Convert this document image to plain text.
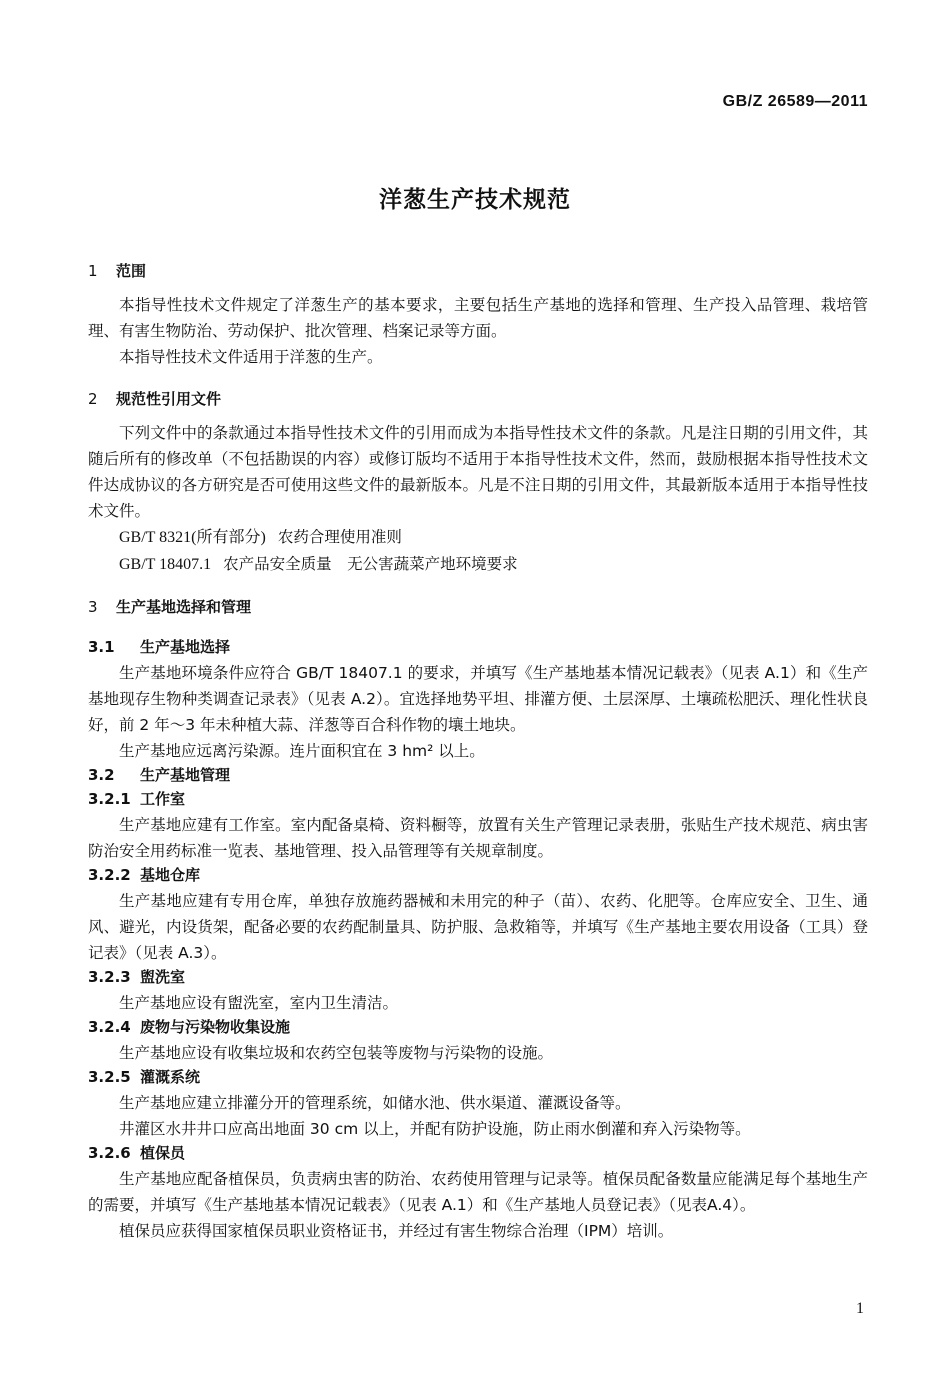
GB/Z 26589—2011
洋葱生产技术规范
1 范围

本指导性技术文件规定了洋葱生产的基本要求，主要包括生产基地的选择和管理、生产投入品管理、栽培管理、有害生物防治、劳动保护、批次管理、档案记录等方面。

本指导性技术文件适用于洋葱的生产。

2 规范性引用文件

下列文件中的条款通过本指导性技术文件的引用而成为本指导性技术文件的条款。凡是注日期的引用文件，其随后所有的修改单（不包括勘误的内容）或修订版均不适用于本指导性技术文件，然而，鼓励根据本指导性技术文件达成协议的各方研究是否可使用这些文件的最新版本。凡是不注日期的引用文件，其最新版本适用于本指导性技术文件。

GB/T 8321(所有部分) 农药合理使用准则
GB/T 18407.1 农产品安全质量　无公害蔬菜产地环境要求
3 生产基地选择和管理
3.1 生产基地选择

生产基地环境条件应符合 GB/T 18407.1 的要求，并填写《生产基地基本情况记载表》（见表 A.1）和《生产基地现存生物种类调查记录表》（见表 A.2）。宜选择地势平坦、排灌方便、土层深厚、土壤疏松肥沃、理化性状良好，前 2 年～3 年未种植大蒜、洋葱等百合科作物的壤土地块。

生产基地应远离污染源。连片面积宜在 3 hm² 以上。

3.2 生产基地管理
3.2.1 工作室

生产基地应建有工作室。室内配备桌椅、资料橱等，放置有关生产管理记录表册，张贴生产技术规范、病虫害防治安全用药标准一览表、基地管理、投入品管理等有关规章制度。

3.2.2 基地仓库

生产基地应建有专用仓库，单独存放施药器械和未用完的种子（苗）、农药、化肥等。仓库应安全、卫生、通风、避光，内设货架，配备必要的农药配制量具、防护服、急救箱等，并填写《生产基地主要农用设备（工具）登记表》（见表 A.3）。

3.2.3 盥洗室

生产基地应设有盥洗室，室内卫生清洁。

3.2.4 废物与污染物收集设施

生产基地应设有收集垃圾和农药空包装等废物与污染物的设施。

3.2.5 灌溉系统

生产基地应建立排灌分开的管理系统，如储水池、供水渠道、灌溉设备等。

井灌区水井井口应高出地面 30 cm 以上，并配有防护设施，防止雨水倒灌和弃入污染物等。

3.2.6 植保员

生产基地应配备植保员，负责病虫害的防治、农药使用管理与记录等。植保员配备数量应能满足每个基地生产的需要，并填写《生产基地基本情况记载表》（见表 A.1）和《生产基地人员登记表》（见表A.4）。

植保员应获得国家植保员职业资格证书，并经过有害生物综合治理（IPM）培训。

1
